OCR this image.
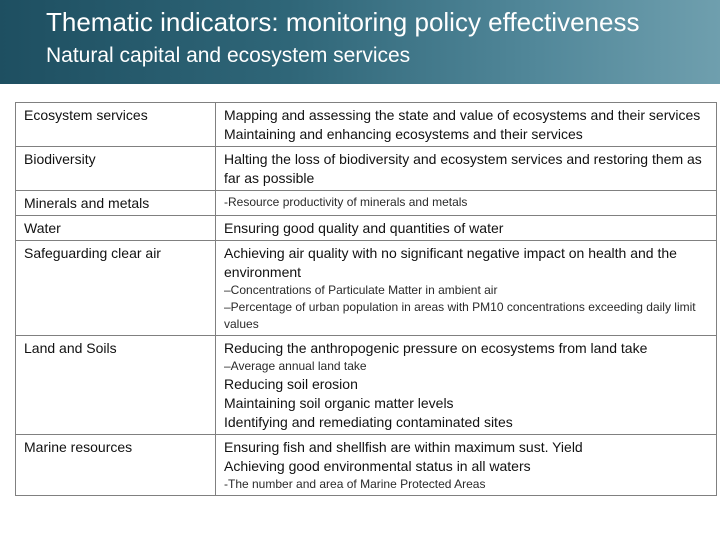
Thematic indicators: monitoring policy effectiveness
Natural capital and ecosystem services
Ecosystem services	Mapping and assessing the state and value of ecosystems and their services
Maintaining and enhancing ecosystems and their services

Biodiversity	Halting the loss of biodiversity and ecosystem services and restoring them as far as possible

Minerals and metals	-Resource productivity of minerals and metals

Water	Ensuring good quality and quantities of water

Safeguarding clear air	Achieving air quality with no significant negative impact on health and the environment
–Concentrations of Particulate Matter in ambient air
–Percentage of urban population in areas with PM10 concentrations exceeding daily limit values

Land and Soils	Reducing the anthropogenic pressure on ecosystems from land take
–Average annual land take
Reducing soil erosion
Maintaining soil organic matter levels
Identifying and remediating contaminated sites

Marine resources	Ensuring fish and shellfish are within maximum sust. Yield
Achieving good environmental status in all waters
-The number and area of Marine Protected Areas
